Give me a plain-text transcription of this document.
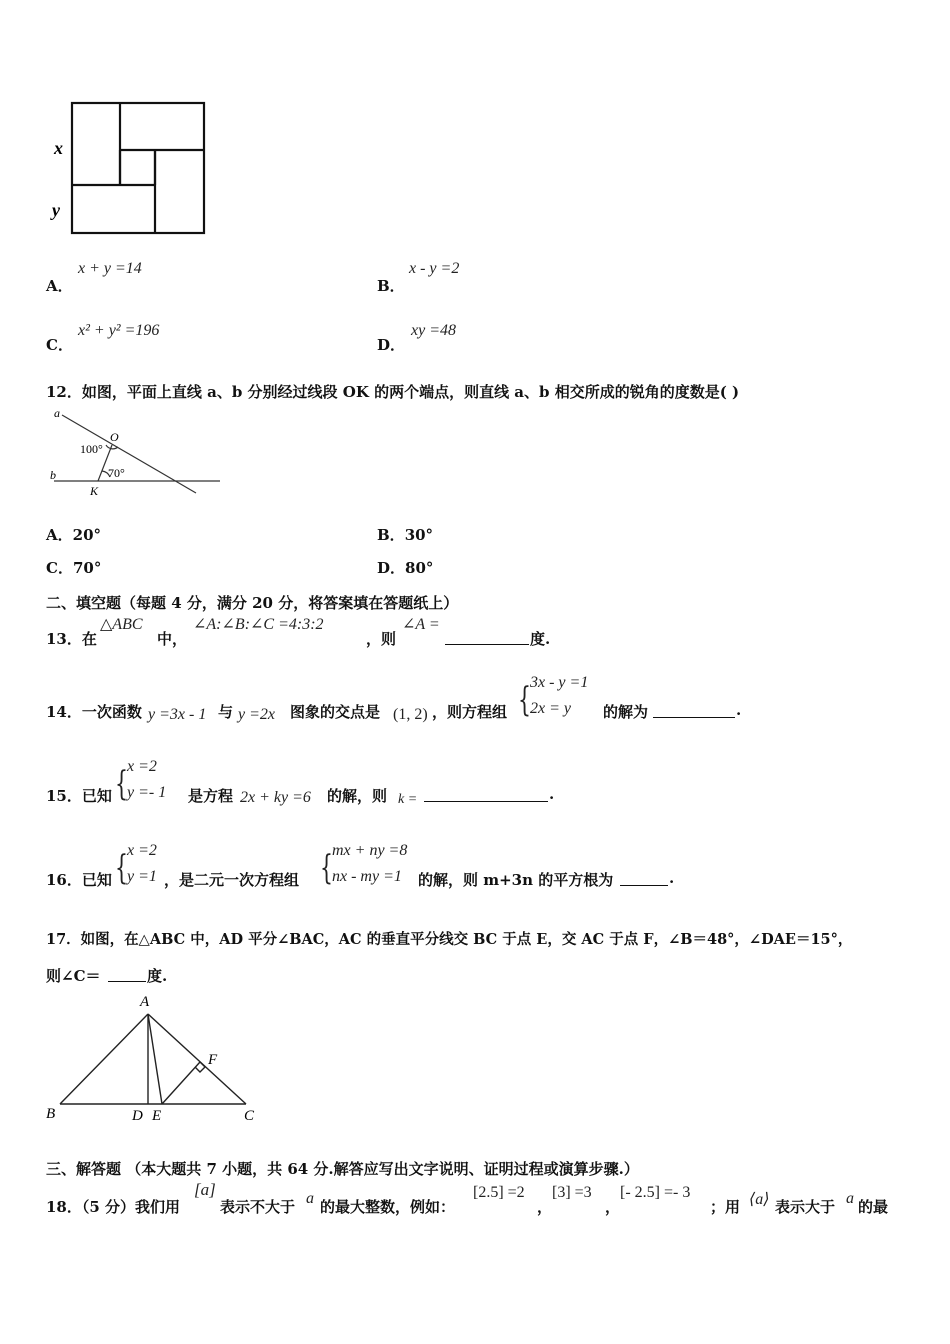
x
y
A．
x + y =14
B．
x - y =2
C．
x² + y² =196
D．
xy =48
12．如图，平面上直线 a、b 分别经过线段 OK 的两个端点，则直线 a、b 相交所成的锐角的度数是( )
a
b
O
K
100°
70°
A．20°	B．30°
C．70°	D．80°
二、填空题（每题 4 分，满分 20 分，将答案填在答题纸上）
13．在
△ABC
中，
∠A:∠B:∠C =4:3:2
，则
∠A =
度.
14．一次函数 y =3x - 1 与 y =2x 图象的交点是 (1, 2) ，则方程组 { 3x - y =1
2x = y 的解为	.
15．已知 { x =2
y =- 1 是方程 2x + ky =6 的解，则 k =	.
16．已知 { x =2
y =1 ，是二元一次方程组 { mx + ny =8
nx - my =1 的解，则 m+3n 的平方根为	.
17．如图，在△ABC 中，AD 平分∠BAC，AC 的垂直平分线交 BC 于点 E，交 AC 于点 F，∠B＝48°，∠DAE＝15°，
则∠C＝	度.
A
B	C
D E
F
三、解答题 （本大题共 7 小题，共 64 分.解答应写出文字说明、证明过程或演算步骤.）
18．（5 分）我们用
[a]
表示不大于 a 的最大整数，例如：
[2.5] =2
，
[3] =3
，
[- 2.5] =- 3
；用 ⟨a⟩ 表示大于 a 的最
